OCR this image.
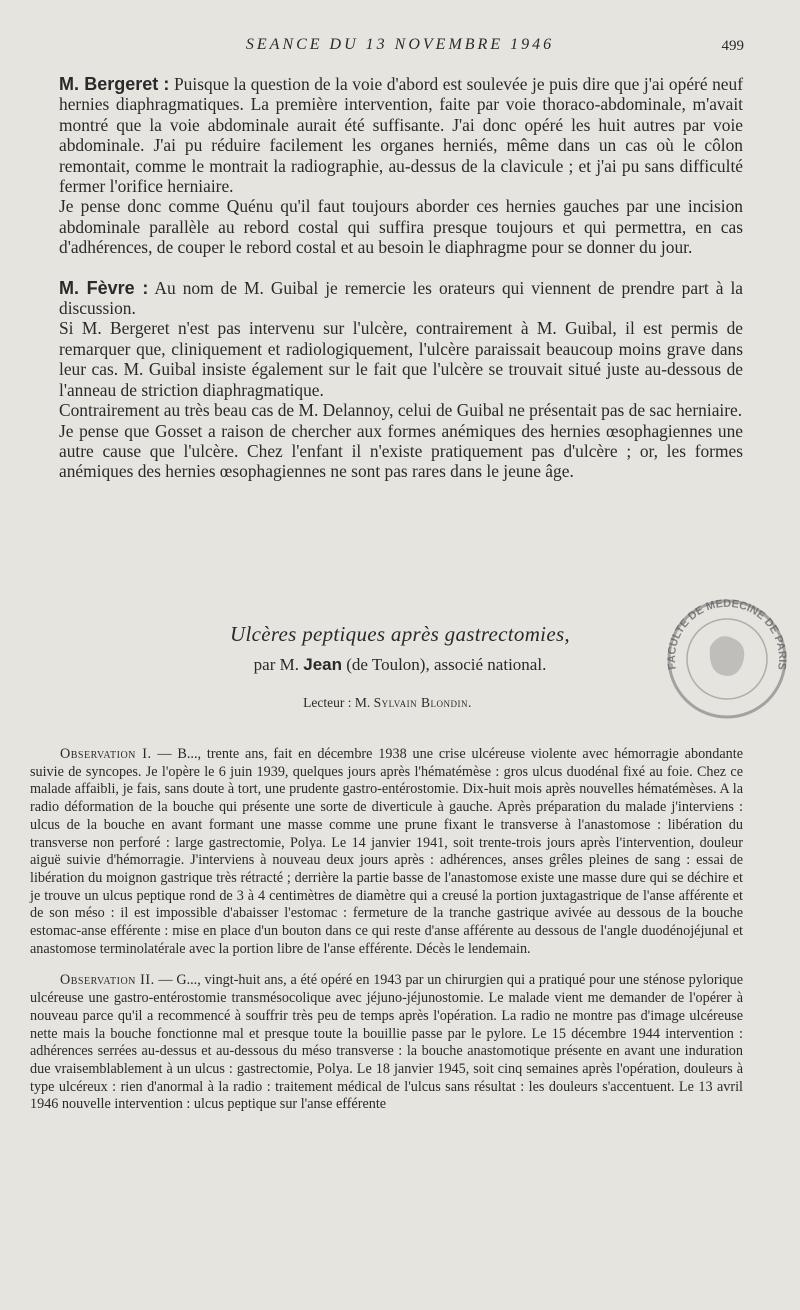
SEANCE DU 13 NOVEMBRE 1946	499

M. Bergeret : Puisque la question de la voie d'abord est soulevée je puis dire que j'ai opéré neuf hernies diaphragmatiques. La première intervention, faite par voie thoraco-abdominale, m'avait montré que la voie abdominale aurait été suffisante. J'ai donc opéré les huit autres par voie abdominale. J'ai pu réduire facilement les organes herniés, même dans un cas où le côlon remontait, comme le montrait la radiographie, au-dessus de la clavicule ; et j'ai pu sans difficulté fermer l'orifice herniaire.

Je pense donc comme Quénu qu'il faut toujours aborder ces hernies gauches par une incision abdominale parallèle au rebord costal qui suffira presque toujours et qui permettra, en cas d'adhérences, de couper le rebord costal et au besoin le diaphragme pour se donner du jour.

M. Fèvre : Au nom de M. Guibal je remercie les orateurs qui viennent de prendre part à la discussion.

Si M. Bergeret n'est pas intervenu sur l'ulcère, contrairement à M. Guibal, il est permis de remarquer que, cliniquement et radiologiquement, l'ulcère paraissait beaucoup moins grave dans leur cas. M. Guibal insiste également sur le fait que l'ulcère se trouvait situé juste au-dessous de l'anneau de striction diaphragmatique.

Contrairement au très beau cas de M. Delannoy, celui de Guibal ne présentait pas de sac herniaire.

Je pense que Gosset a raison de chercher aux formes anémiques des hernies œsophagiennes une autre cause que l'ulcère. Chez l'enfant il n'existe pratiquement pas d'ulcère ; or, les formes anémiques des hernies œsophagiennes ne sont pas rares dans le jeune âge.

Ulcères peptiques après gastrectomies,
par M. Jean (de Toulon), associé national.
Lecteur : M. Sylvain Blondin.

Observation I. — B..., trente ans, fait en décembre 1938 une crise ulcéreuse violente avec hémorragie abondante suivie de syncopes. Je l'opère le 6 juin 1939, quelques jours après l'hématémèse : gros ulcus duodénal fixé au foie. Chez ce malade affaibli, je fais, sans doute à tort, une prudente gastro-entérostomie. Dix-huit mois après nouvelles hématémèses. A la radio déformation de la bouche qui présente une sorte de diverticule à gauche. Après préparation du malade j'interviens : ulcus de la bouche en avant formant une masse comme une prune fixant le transverse à l'anastomose : libération du transverse non perforé : large gastrectomie, Polya. Le 14 janvier 1941, soit trente-trois jours après l'intervention, douleur aiguë suivie d'hémorragie. J'interviens à nouveau deux jours après : adhérences, anses grêles pleines de sang : essai de libération du moignon gastrique très rétracté ; derrière la partie basse de l'anastomose existe une masse dure qui se déchire et je trouve un ulcus peptique rond de 3 à 4 centimètres de diamètre qui a creusé la portion juxtagastrique de l'anse afférente et de son méso : il est impossible d'abaisser l'estomac : fermeture de la tranche gastrique avivée au dessous de la bouche estomac-anse efférente : mise en place d'un bouton dans ce qui reste d'anse afférente au dessous de l'angle duodénojéjunal et anastomose terminolatérale avec la portion libre de l'anse efférente. Décès le lendemain.

Observation II. — G..., vingt-huit ans, a été opéré en 1943 par un chirurgien qui a pratiqué pour une sténose pylorique ulcéreuse une gastro-entérostomie transmésocolique avec jéjuno-jéjunostomie. Le malade vient me demander de l'opérer à nouveau parce qu'il a recommencé à souffrir très peu de temps après l'opération. La radio ne montre pas d'image ulcéreuse nette mais la bouche fonctionne mal et presque toute la bouillie passe par le pylore. Le 15 décembre 1944 intervention : adhérences serrées au-dessus et au-dessous du méso transverse : la bouche anastomotique présente en avant une induration due vraisemblablement à un ulcus : gastrectomie, Polya. Le 18 janvier 1945, soit cinq semaines après l'opération, douleurs à type ulcéreux : rien d'anormal à la radio : traitement médical de l'ulcus sans résultat : les douleurs s'accentuent. Le 13 avril 1946 nouvelle intervention : ulcus peptique sur l'anse efférente

FACULTE DE MEDECINE DE PARIS
